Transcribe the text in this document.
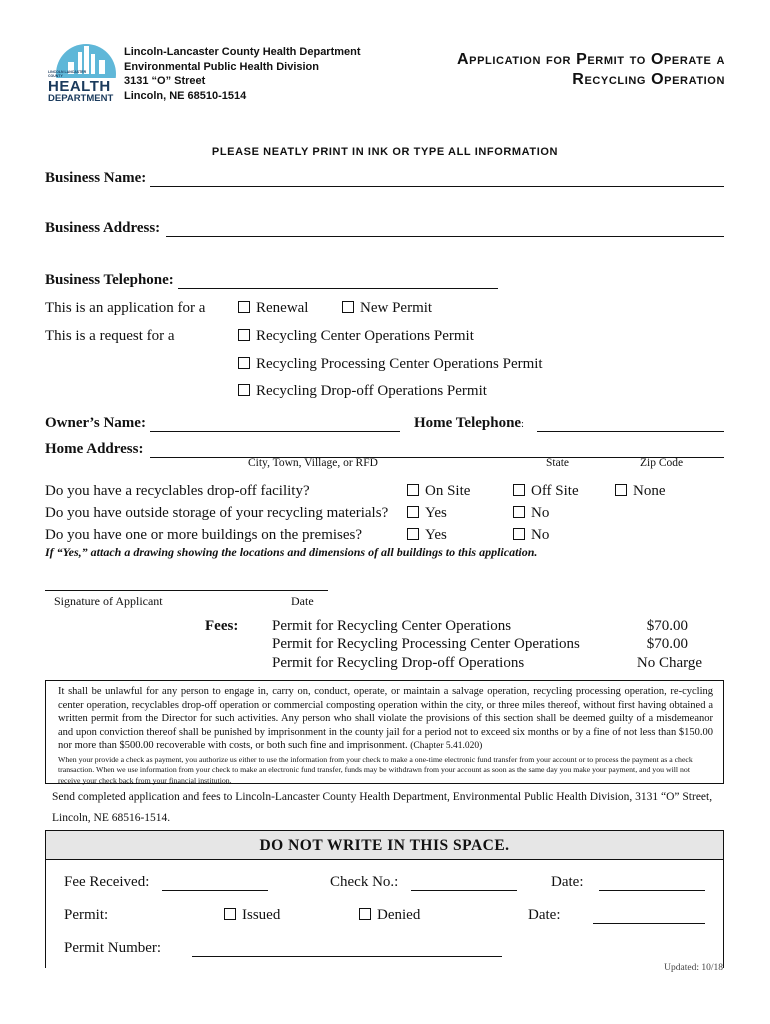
LINCOLN LANCASTER COUNTY
HEALTH
DEPARTMENT
Lincoln-Lancaster County Health Department
Environmental Public Health Division
3131 “O” Street
Lincoln, NE 68510-1514
Application for Permit to Operate a
Recycling Operation
PLEASE NEATLY PRINT IN INK OR TYPE ALL INFORMATION
Business Name:
Business Address:
Business Telephone:
This is an application for a	Renewal	New Permit
This is a request for a	Recycling Center Operations Permit
Recycling Processing Center Operations Permit
Recycling Drop-off Operations Permit
Owner’s Name:	Home Telephone:
Home Address:
City, Town, Village, or RFD	State	Zip Code
Do you have a recyclables drop-off facility?	On Site	Off Site	None
Do you have outside storage of your recycling materials?	Yes	No
Do you have one or more buildings on the premises?	Yes	No
If “Yes,” attach a drawing showing the locations and dimensions of all buildings to this application.
Signature of Applicant	Date
Fees: Permit for Recycling Center Operations	$70.00
Permit for Recycling Processing Center Operations	$70.00
Permit for Recycling Drop-off Operations	No Charge
It shall be unlawful for any person to engage in, carry on, conduct, operate, or maintain a salvage operation, recycling processing operation, re-cycling center operation, recyclables drop-off operation or commercial composting operation within the city, or three miles thereof, without first having obtained a written permit from the Director for such activities. Any person who shall violate the provisions of this section shall be deemed guilty of a misdemeanor and upon conviction thereof shall be punished by imprisonment in the county jail for a period not to exceed six months or by a fine of not less than $150.00 nor more than $500.00 recoverable with costs, or both such fine and imprisonment. (Chapter 5.41.020)
When your provide a check as payment, you authorize us either to use the information from your check to make a one-time electronic fund transfer from your account or to process the payment as a check transaction. When we use information from your check to make an electronic fund transfer, funds may be withdrawn from your account as soon as the same day you make your payment, and you will not receive your check back from your financial institution.
Send completed application and fees to Lincoln-Lancaster County Health Department, Environmental Public Health Division, 3131 “O” Street,
Lincoln, NE 68516-1514.
DO NOT WRITE IN THIS SPACE.
Fee Received:	Check No.:	Date:
Permit:	Issued	Denied	Date:
Permit Number:
Updated: 10/18
